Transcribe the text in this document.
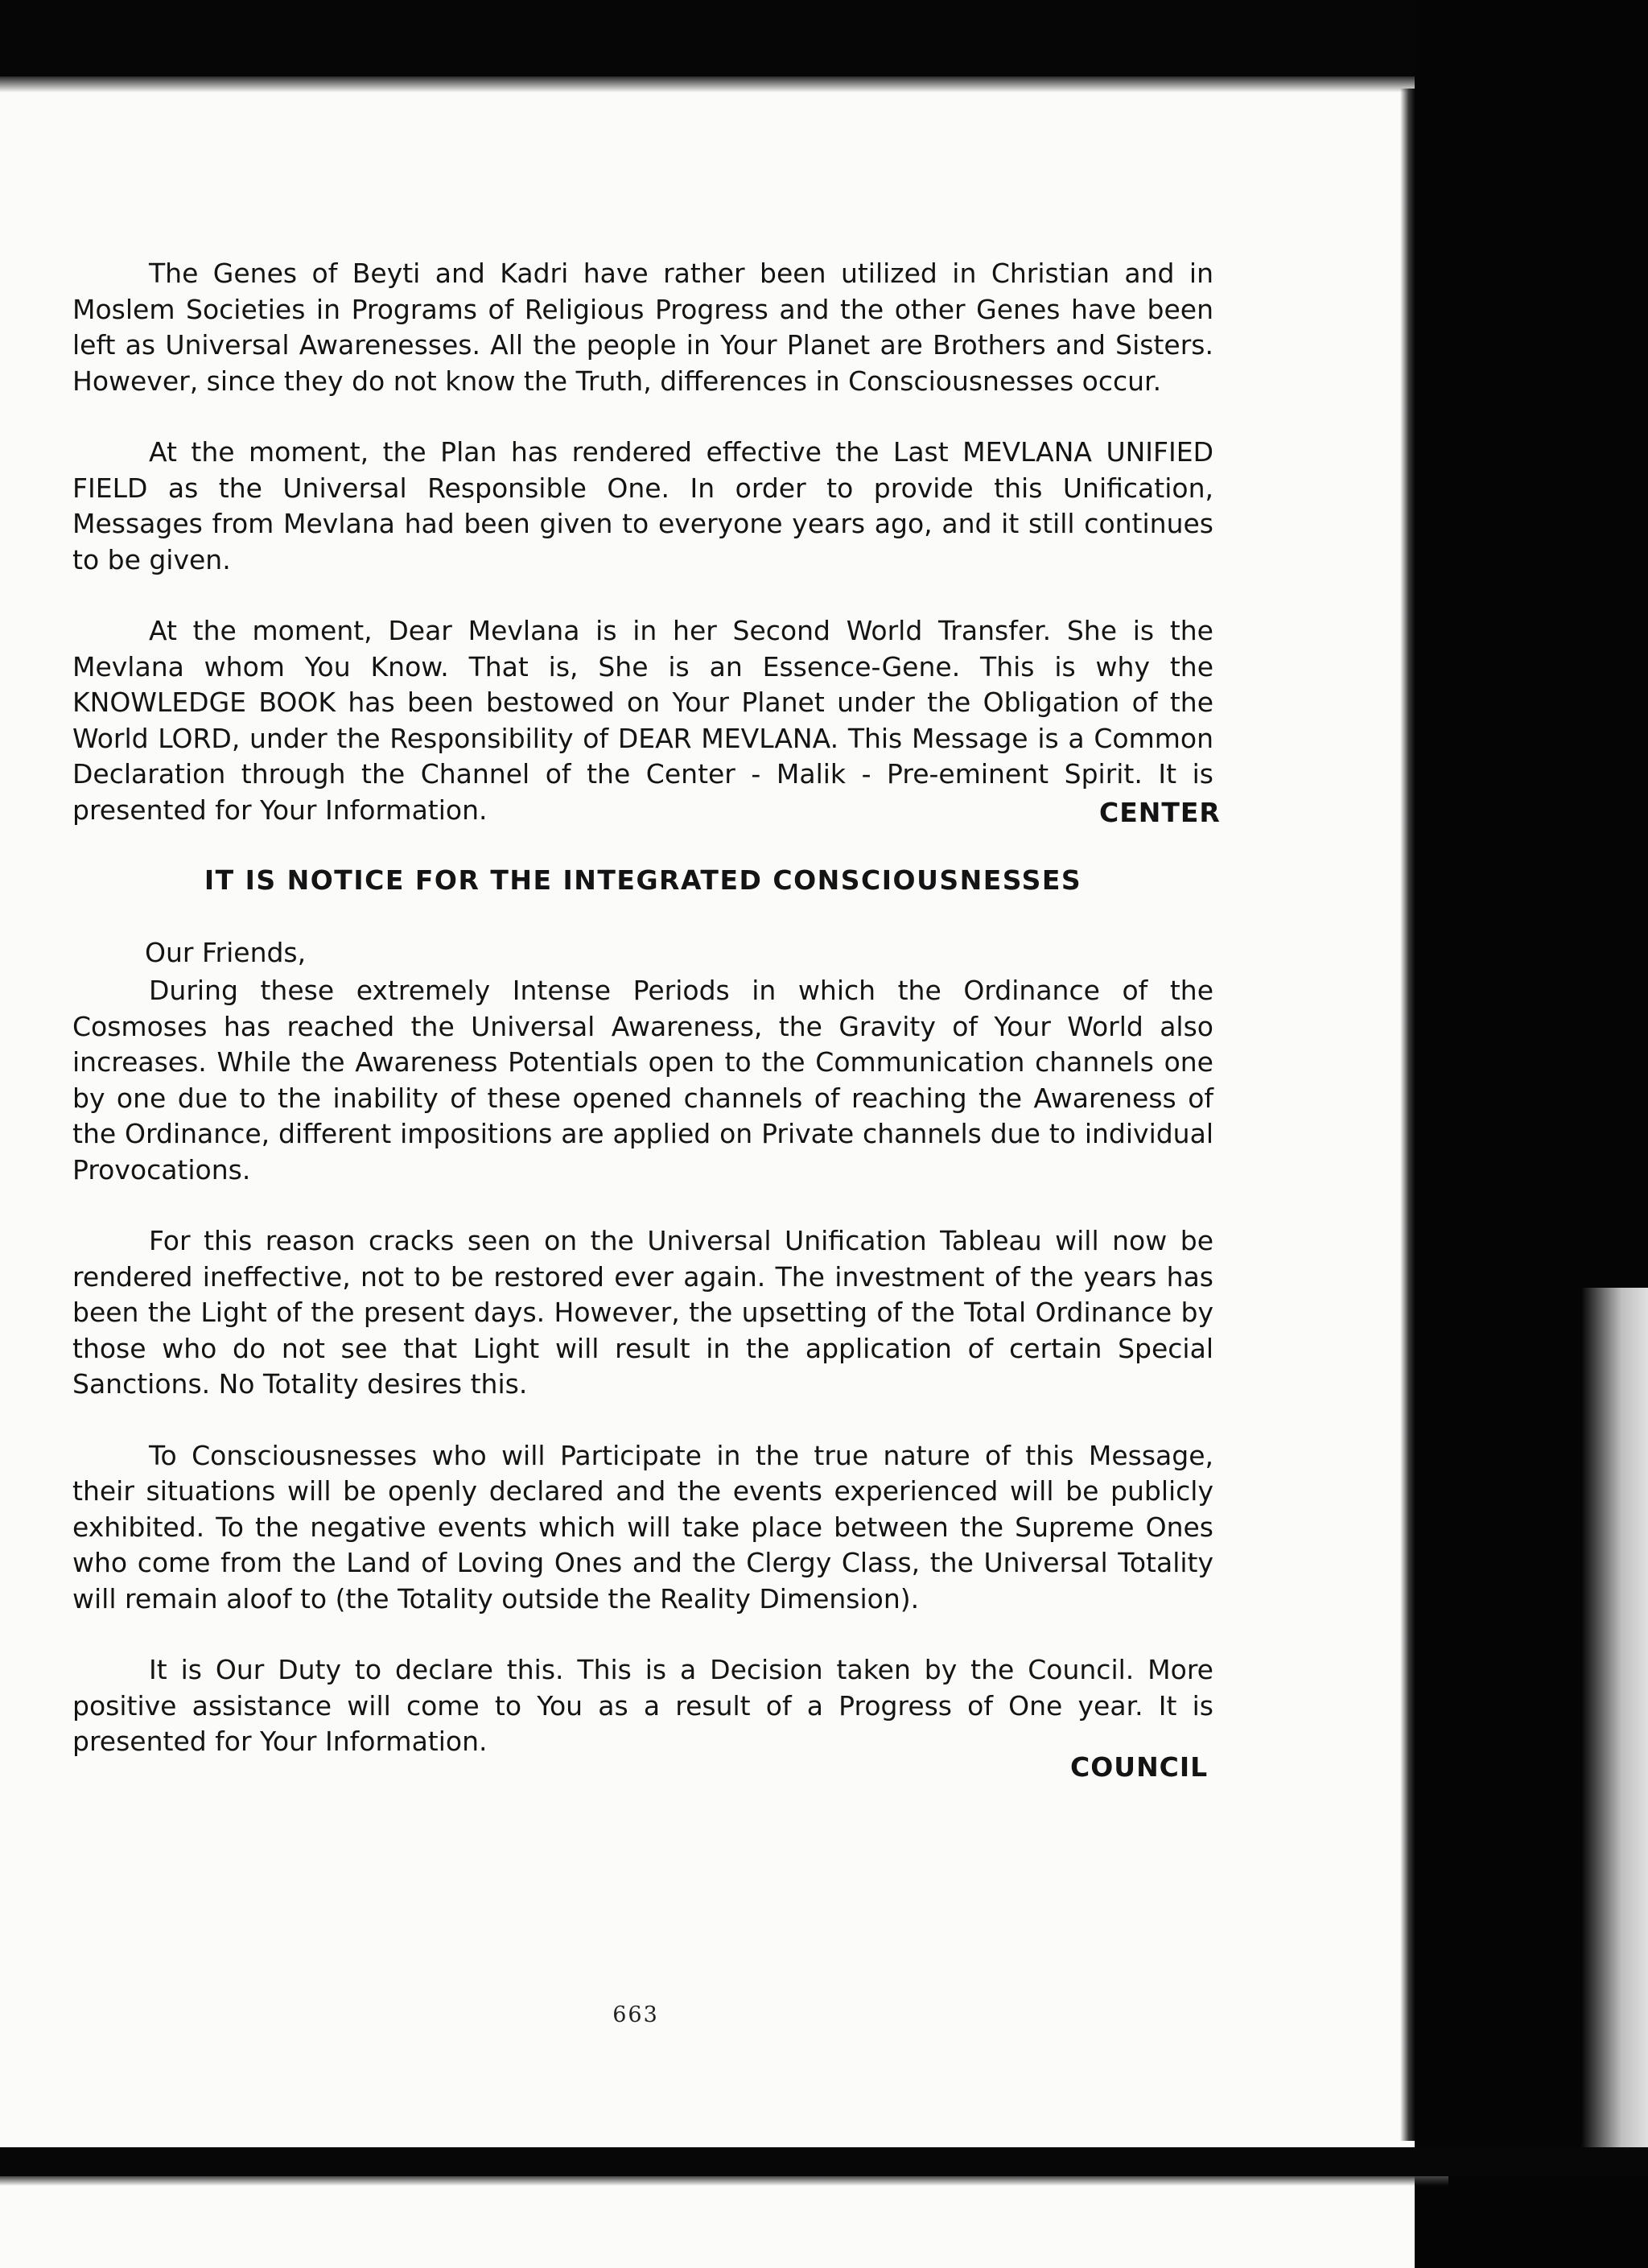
The Genes of Beyti and Kadri have rather been utilized in Christian and in Moslem Societies in Programs of Religious Progress and the other Genes have been left as Universal Awarenesses. All the people in Your Planet are Brothers and Sisters. However, since they do not know the Truth, differences in Consciousnesses occur.

At the moment, the Plan has rendered effective the Last MEVLANA UNIFIED FIELD as the Universal Responsible One. In order to provide this Unification, Messages from Mevlana had been given to everyone years ago, and it still continues to be given.

At the moment, Dear Mevlana is in her Second World Transfer. She is the Mevlana whom You Know. That is, She is an Essence-Gene. This is why the KNOWLEDGE BOOK has been bestowed on Your Planet under the Obligation of the World LORD, under the Responsibility of DEAR MEVLANA. This Message is a Common Declaration through the Channel of the Center - Malik - Pre-eminent Spirit. It is presented for Your Information.	CENTER
IT IS NOTICE FOR THE INTEGRATED CONSCIOUSNESSES
Our Friends,

During these extremely Intense Periods in which the Ordinance of the Cosmoses has reached the Universal Awareness, the Gravity of Your World also increases. While the Awareness Potentials open to the Communication channels one by one due to the inability of these opened channels of reaching the Awareness of the Ordinance, different impositions are applied on Private channels due to individual Provocations.

For this reason cracks seen on the Universal Unification Tableau will now be rendered ineffective, not to be restored ever again. The investment of the years has been the Light of the present days. However, the upsetting of the Total Ordinance by those who do not see that Light will result in the application of certain Special Sanctions. No Totality desires this.

To Consciousnesses who will Participate in the true nature of this Message, their situations will be openly declared and the events experienced will be publicly exhibited. To the negative events which will take place between the Supreme Ones who come from the Land of Loving Ones and the Clergy Class, the Universal Totality will remain aloof to (the Totality outside the Reality Dimension).

It is Our Duty to declare this. This is a Decision taken by the Council. More positive assistance will come to You as a result of a Progress of One year. It is presented for Your Information.

COUNCIL
663
